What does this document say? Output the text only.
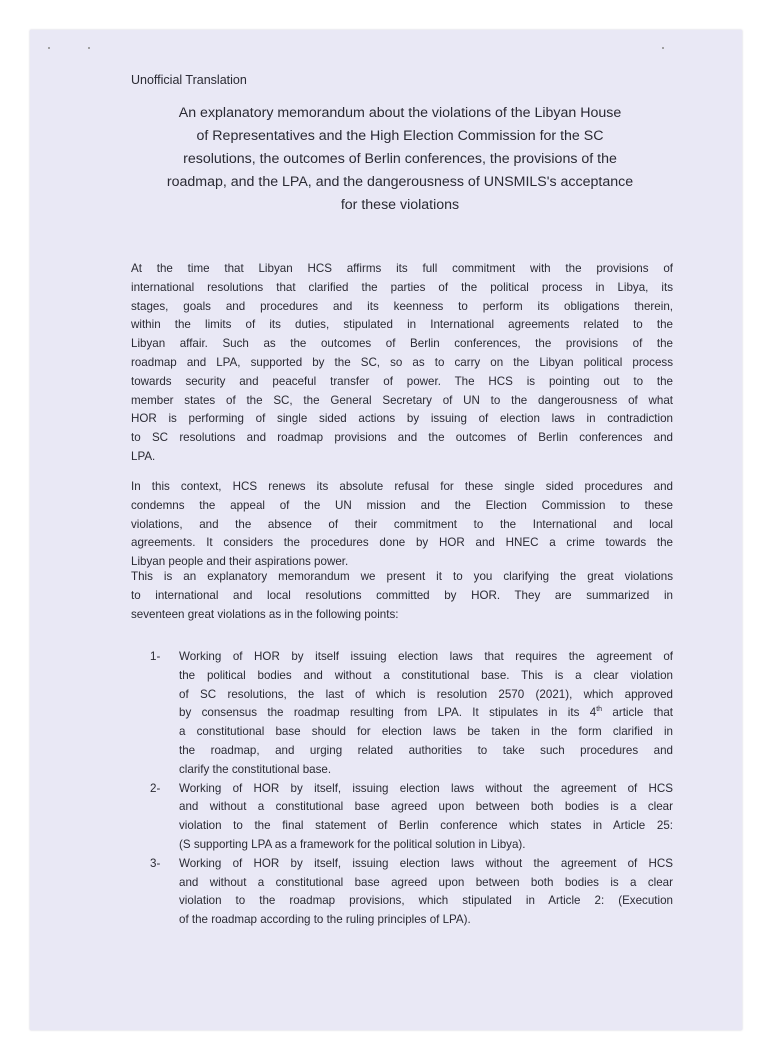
Unofficial Translation
An explanatory memorandum about the violations of the Libyan House
of Representatives and the High Election Commission for the SC
resolutions, the outcomes of Berlin conferences, the provisions of the
roadmap, and the LPA, and the dangerousness of UNSMILS's acceptance
for these violations
At the time that Libyan HCS affirms its full commitment with the provisions of
international resolutions that clarified the parties of the political process in Libya, its
stages, goals and procedures and its keenness to perform its obligations therein,
within the limits of its duties, stipulated in International agreements related to the
Libyan affair. Such as the outcomes of Berlin conferences, the provisions of the
roadmap and LPA, supported by the SC, so as to carry on the Libyan political process
towards security and peaceful transfer of power. The HCS is pointing out to the
member states of the SC, the General Secretary of UN to the dangerousness of what
HOR is performing of single sided actions by issuing of election laws in contradiction
to SC resolutions and roadmap provisions and the outcomes of Berlin conferences and
LPA.
In this context, HCS renews its absolute refusal for these single sided procedures and
condemns the appeal of the UN mission and the Election Commission to these
violations, and the absence of their commitment to the International and local
agreements. It considers the procedures done by HOR and HNEC a crime towards the
Libyan people and their aspirations power.
This is an explanatory memorandum we present it to you clarifying the great violations
to international and local resolutions committed by HOR. They are summarized in
seventeen great violations as in the following points:
1- Working of HOR by itself issuing election laws that requires the agreement of
the political bodies and without a constitutional base. This is a clear violation
of SC resolutions, the last of which is resolution 2570 (2021), which approved
by consensus the roadmap resulting from LPA. It stipulates in its 4th article that
a constitutional base should for election laws be taken in the form clarified in
the roadmap, and urging related authorities to take such procedures and
clarify the constitutional base.
2- Working of HOR by itself, issuing election laws without the agreement of HCS
and without a constitutional base agreed upon between both bodies is a clear
violation to the final statement of Berlin conference which states in Article 25:
(S supporting LPA as a framework for the political solution in Libya).
3- Working of HOR by itself, issuing election laws without the agreement of HCS
and without a constitutional base agreed upon between both bodies is a clear
violation to the roadmap provisions, which stipulated in Article 2: (Execution
of the roadmap according to the ruling principles of LPA).
